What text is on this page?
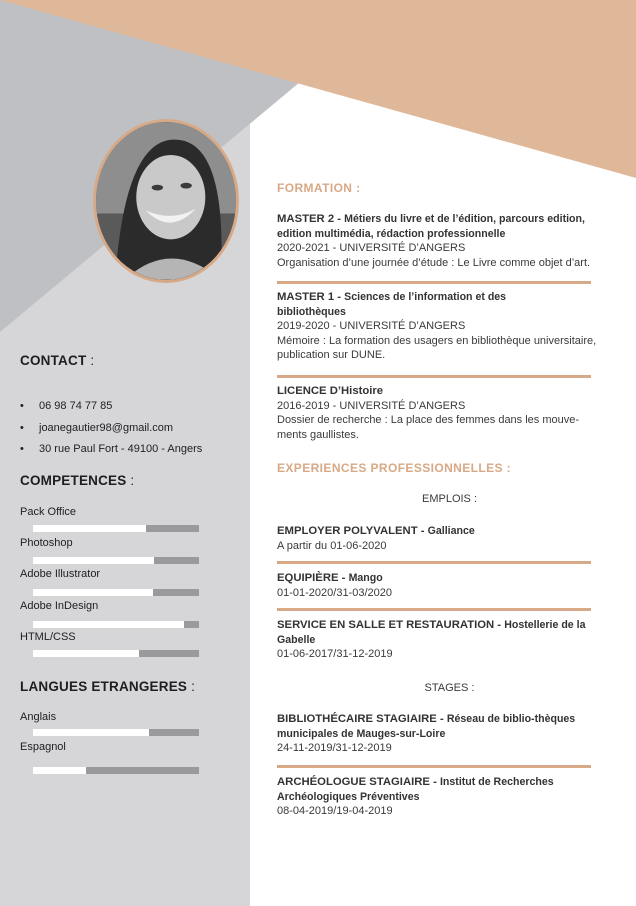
CONTACT :
• 06 98 74 77 85
• joanegautier98@gmail.com
• 30 rue Paul Fort - 49100 - Angers
COMPETENCES :
Pack Office
Photoshop
Adobe Illustrator
Adobe InDesign
HTML/CSS
LANGUES ETRANGERES :
Anglais
Espagnol
FORMATION :
MASTER 2 - Métiers du livre et de l’édition, parcours edition, edition multimédia, rédaction professionnelle
2020-2021 - UNIVERSITÉ D’ANGERS
Organisation d’une journée d’étude : Le Livre comme objet d’art.
MASTER 1 - Sciences de l’information et des bibliothèques
2019-2020 - UNIVERSITÉ D’ANGERS
Mémoire : La formation des usagers en bibliothèque universitaire, publication sur DUNE.
LICENCE D’Histoire
2016-2019 - UNIVERSITÉ D’ANGERS
Dossier de recherche : La place des femmes dans les mouve-ments gaullistes.
EXPERIENCES PROFESSIONNELLES :
EMPLOIS :
EMPLOYER POLYVALENT - Galliance
A partir du 01-06-2020
EQUIPIÈRE - Mango
01-01-2020/31-03/2020
SERVICE EN SALLE ET RESTAURATION - Hostellerie de la Gabelle
01-06-2017/31-12-2019
STAGES :
BIBLIOTHÉCAIRE STAGIAIRE - Réseau de biblio-thèques municipales de Mauges-sur-Loire
24-11-2019/31-12-2019
ARCHÉOLOGUE STAGIAIRE - Institut de Recherches Archéologiques Préventives
08-04-2019/19-04-2019
